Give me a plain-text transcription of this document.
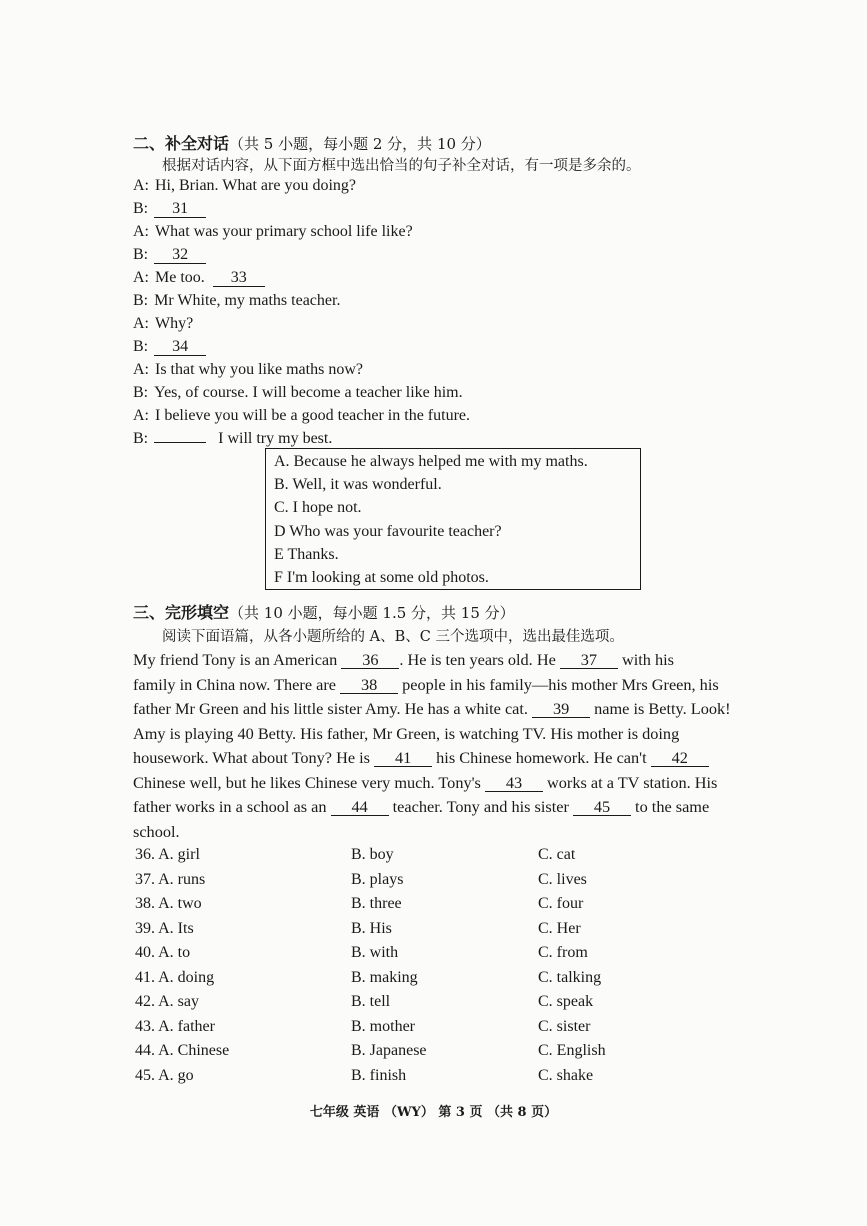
二、补全对话（共 5 小题，每小题 2 分，共 10 分）
根据对话内容，从下面方框中选出恰当的句子补全对话，有一项是多余的。
A: Hi, Brian. What are you doing?
B: 31
A: What was your primary school life like?
B: 32
A: Me too. 33
B: Mr White, my maths teacher.
A: Why?
B: 34
A: Is that why you like maths now?
B: Yes, of course. I will become a teacher like him.
A: I believe you will be a good teacher in the future.
B:	I will try my best.
A. Because he always helped me with my maths.
B. Well, it was wonderful.
C. I hope not.
D Who was your favourite teacher?
E Thanks.
F I'm looking at some old photos.
三、完形填空（共 10 小题，每小题 1.5 分，共 15 分）
阅读下面语篇，从各小题所给的 A、B、C 三个选项中，选出最佳选项。
My friend Tony is an American 36 . He is ten years old. He 37 with his
family in China now. There are 38 people in his family—his mother Mrs Green, his
father Mr Green and his little sister Amy. He has a white cat. 39 name is Betty. Look!
Amy is playing 40 Betty. His father, Mr Green, is watching TV. His mother is doing
housework. What about Tony? He is 41 his Chinese homework. He can't 42
Chinese well, but he likes Chinese very much. Tony's 43 works at a TV station. His
father works in a school as an 44 teacher. Tony and his sister 45 to the same
school.
36. A. girl	B. boy	C. cat
37. A. runs	B. plays	C. lives
38. A. two	B. three	C. four
39. A. Its	B. His	C. Her
40. A. to	B. with	C. from
41. A. doing	B. making	C. talking
42. A. say	B. tell	C. speak
43. A. father	B. mother	C. sister
44. A. Chinese	B. Japanese	C. English
45. A. go	B. finish	C. shake
七年级 英语 （WY） 第 3 页 （共 8 页）
